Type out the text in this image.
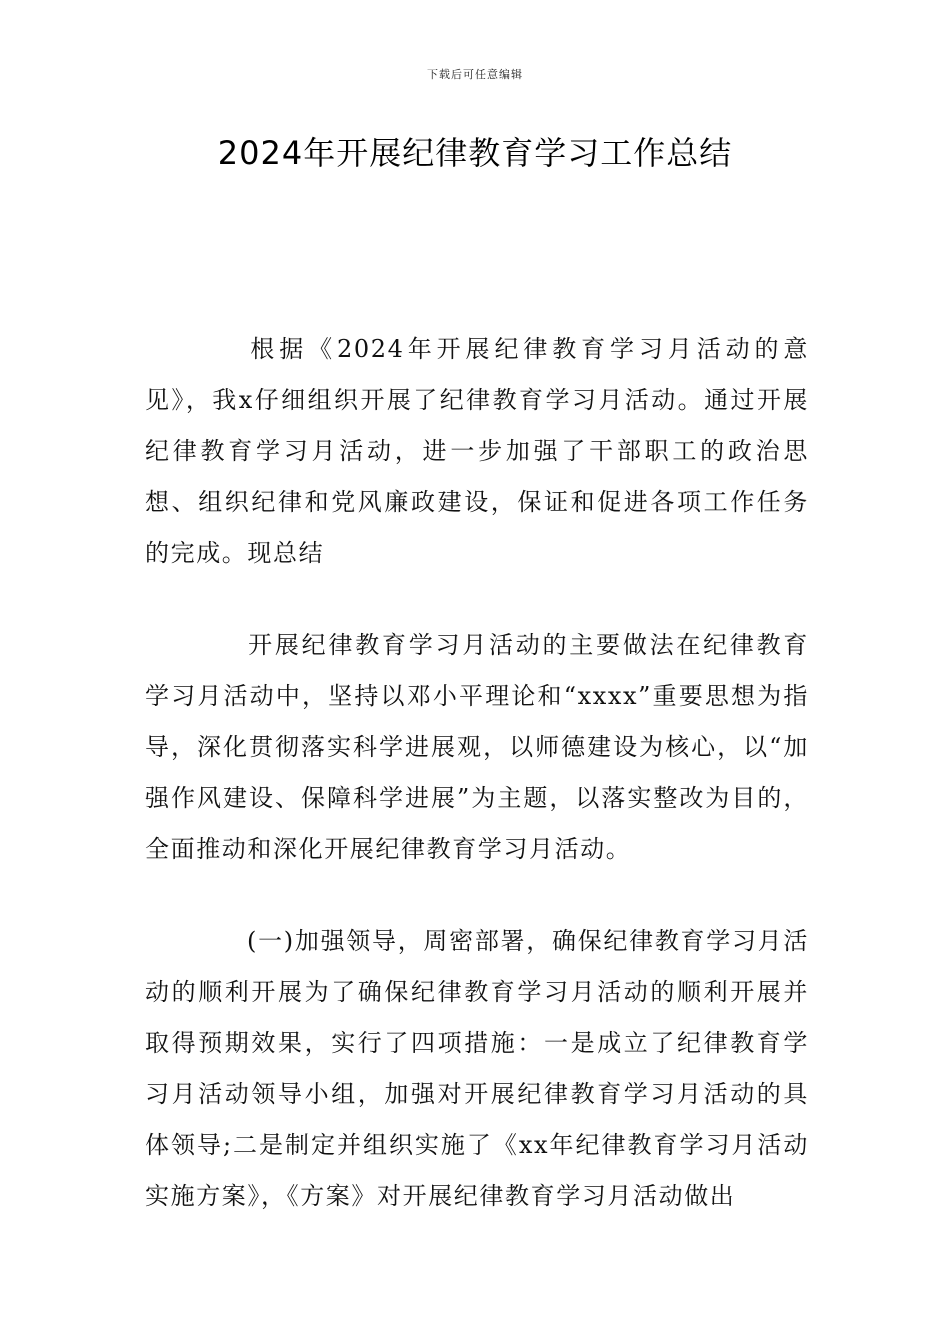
下载后可任意编辑
2024年开展纪律教育学习工作总结

根据《2024年开展纪律教育学习月活动的意见》，我x仔细组织开展了纪律教育学习月活动。通过开展纪律教育学习月活动，进一步加强了干部职工的政治思想、组织纪律和党风廉政建设，保证和促进各项工作任务的完成。现总结

开展纪律教育学习月活动的主要做法在纪律教育学习月活动中，坚持以邓小平理论和“xxxx”重要思想为指导，深化贯彻落实科学进展观，以师德建设为核心，以“加强作风建设、保障科学进展”为主题，以落实整改为目的，全面推动和深化开展纪律教育学习月活动。

(一)加强领导，周密部署，确保纪律教育学习月活动的顺利开展为了确保纪律教育学习月活动的顺利开展并取得预期效果，实行了四项措施：一是成立了纪律教育学习月活动领导小组，加强对开展纪律教育学习月活动的具体领导;二是制定并组织实施了《xx年纪律教育学习月活动实施方案》，《方案》对开展纪律教育学习月活动做出
